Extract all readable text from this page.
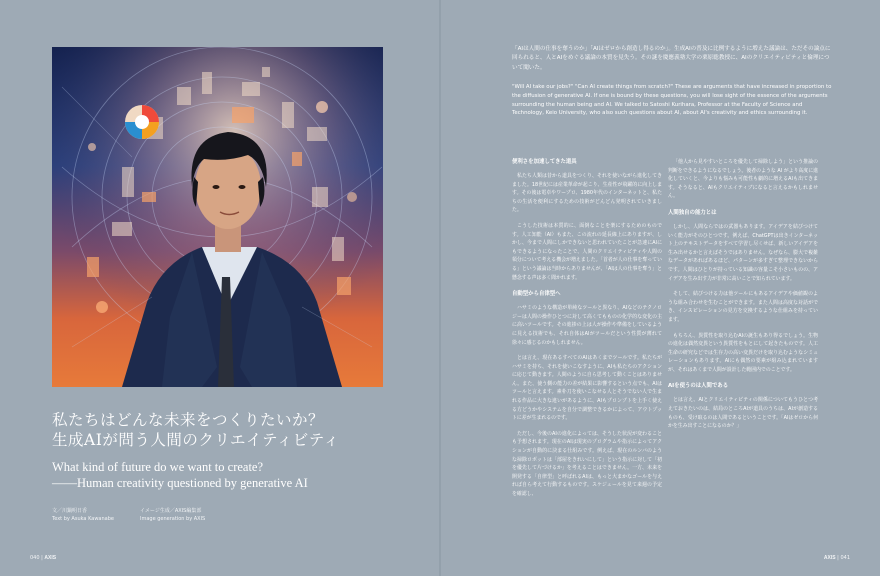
私たちはどんな未来をつくりたいか？
生成AIが問う人間のクリエイティビティ
What kind of future do we want to create?
——Human creativity questioned by generative AI
文／川鍋明日香
Text by Asuka Kawanabe
イメージ生成／AXIS編集部
Image generation by AXIS
040 | AXIS	AXIS | 041
「AIは人間の仕事を奪うのか」「AIはゼロから創造し得るのか」。生成AIの普及に比例するように増えた議論は、ただその論点に回られると、人とAIをめぐる議論の本質を見失う。その謎を慶應義塾大学の栗原聡教授に、AIのクリエイティビティと倫理について聞いた。
"Will AI take our jobs?" "Can AI create things from scratch?" These are arguments that have increased in proportion to the diffusion of generative AI. If one is bound by these questions, you will lose sight of the essence of the arguments surrounding the human being and AI. We talked to Satoshi Kurihara, Professor at the Faculty of Science and Technology, Keio University, who also such questions about AI, about AI's creativity and ethics surrounding it.
便利さを加速してきた道具

私たち人類は昔から道具をつくり、それを使いながら進化してきました。18世紀には産業革命が起こり、生産性が飛躍的に向上します。その後は電卓やワープロ、1980年代のインターネットと、私たちの生活を便利にするための技術がどんどん発明されていきました。

こうした技術は本質的に、面倒なことを楽にするためのものです。人工知能（AI）もまた、この流れの延長線上にありますが、しかし、今まで人間にしかできないと思われていたことが急速にAIにもできるようになったことで、人間のクリエイティビティや人間の領分について考える機会が増えました。「首者が人の仕事を奪っている」という議論は当時からありませんが、「AIは人の仕事を奪う」と懸念する声は多く聞かれます。

自動型から自律型へ

ハサミのような構造が単純なツールと異なり、AIなどのテクノロジーは人間の操作ひとつに対して高くてもものの化学的な変化の主に高いツールです。その進捗の上は人が操作や準備をしているように見える技術でも、それ自体はAIがツールだという性質が薄れて徐々に感じるのかもしれません。

とは言え、現在あるすべてのAIはあくまでツールです。私たちがハサミを持ち、それを使いこなすように、AIも私たちのアクションに応じて動きます。人間のように自ら思考して動くことはありません。また、使う側の能力の差が結果に影響するという点でも、AIはツールと言えます。素朴刀を使いこなせる人とそうでない人で生まれる作品に大きな違いがあるように、AIもプロンプトを上手く使える方どうかやシステムを自分で調整できるかによって、アウトプットに差が生まれるのです。

ただし、今後のAIの進化によっては、そうした状況が変わることも予想されます。現在のAIは現実のプログラムや指示によってアクションが自動的に決まる仕組みです。例えば、現在のルンバのような掃除ロボットは「部屋をきれいにして」という指示に対して「初を優先して片づけるか」を考えることはできません。一方、未来を開発する「自律型」と呼ばれるAIは、もっと大まかなゴールを与えれば自ら考えて行動するものです。スケジュールを見て来週の予定を確認し、

「他人から見やすいところを優先して掃除しよう」という推論の判断をできるようになるでしょう。後者のような AI がより高度に進化していくと、今よりも悩みも可能性も劇的に増えるAIも出てきます。そうなると、AIもクリエイティブになると言えるかもしれません。

人間独自の能力とは

しかし、人間ならではの武器もあります。アイデアを結びつけていく能力がそのひとつです。例えば、ChatGPTは出きインターネット上のテキストデータをすべて学習し尽くせば、新しいアイデアを生み出せるかと言えばそうではありません。なぜなら、膨大で複雑なデータがあればあるほど、パターンが多すぎて整理できないからです。人間はひとりが持っている知識の容量こそ小さいものの、アイデアを生み出す力が非常に高いことで知られています。

そして、結びつける力は他ツールにもあるアイデアや価値観のような組み合わせを生むことができます。また人間は高度な対話ができ、インスピレーションの見方を交換するような仕組みを持っています。

もちろん、異質性を取り込むAIの誕生もあり得るでしょう。生物の進化は偶然変異という異質性をもとにして起きたものです。人工生命の研究などでは生存力の高い変異だけを取り込むようなシミュレーションもあります。AIにも偶然の要素が組み込まれていますが、それはあくまで人間が設計した範囲内でのことです。

AIを使うのは人間である

とは言え、AIとクリエイティビティの関係についてもうひとつ考えておきたいのは、結局のところAIが道具のうちは、AIが創造するものも、受け取るのは人間であるということです。「AIはゼロから何かを生み出すことになるのか？」
